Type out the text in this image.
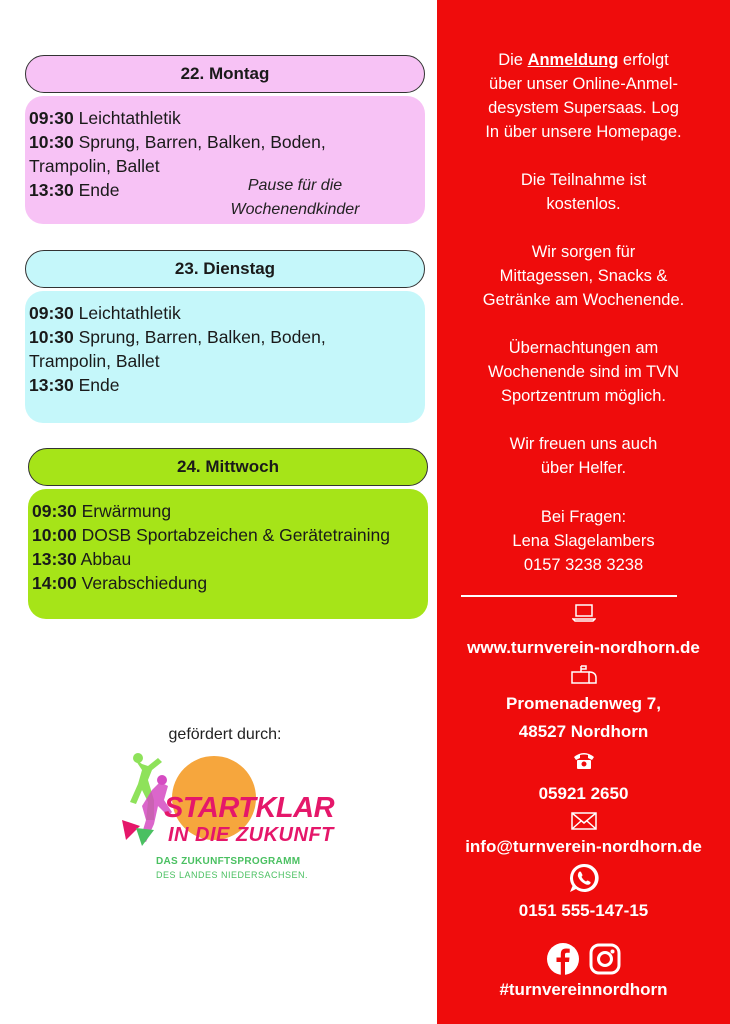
22. Montag
09:30 Leichtathletik
10:30 Sprung, Barren, Balken, Boden,
Trampolin, Ballet
13:30 Ende	Pause für die
Wochenendkinder
23. Dienstag
09:30 Leichtathletik
10:30 Sprung, Barren, Balken, Boden,
Trampolin, Ballet
13:30 Ende
24. Mittwoch
09:30 Erwärmung
10:00 DOSB Sportabzeichen & Gerätetraining
13:30 Abbau
14:00 Verabschiedung
gefördert durch:
STARTKLAR
IN DIE ZUKUNFT
DAS ZUKUNFTSPROGRAMM
DES LANDES NIEDERSACHSEN.
Die Anmeldung erfolgt
über unser Online-Anmel-
desystem Supersaas. Log
In über unsere Homepage.
Die Teilnahme ist
kostenlos.
Wir sorgen für
Mittagessen, Snacks &
Getränke am Wochenende.
Übernachtungen am
Wochenende sind im TVN
Sportzentrum möglich.
Wir freuen uns auch
über Helfer.
Bei Fragen:
Lena Slagelambers
0157 3238 3238
www.turnverein-nordhorn.de
Promenadenweg 7,
48527 Nordhorn
05921 2650
info@turnverein-nordhorn.de
0151 555-147-15
#turnvereinnordhorn
